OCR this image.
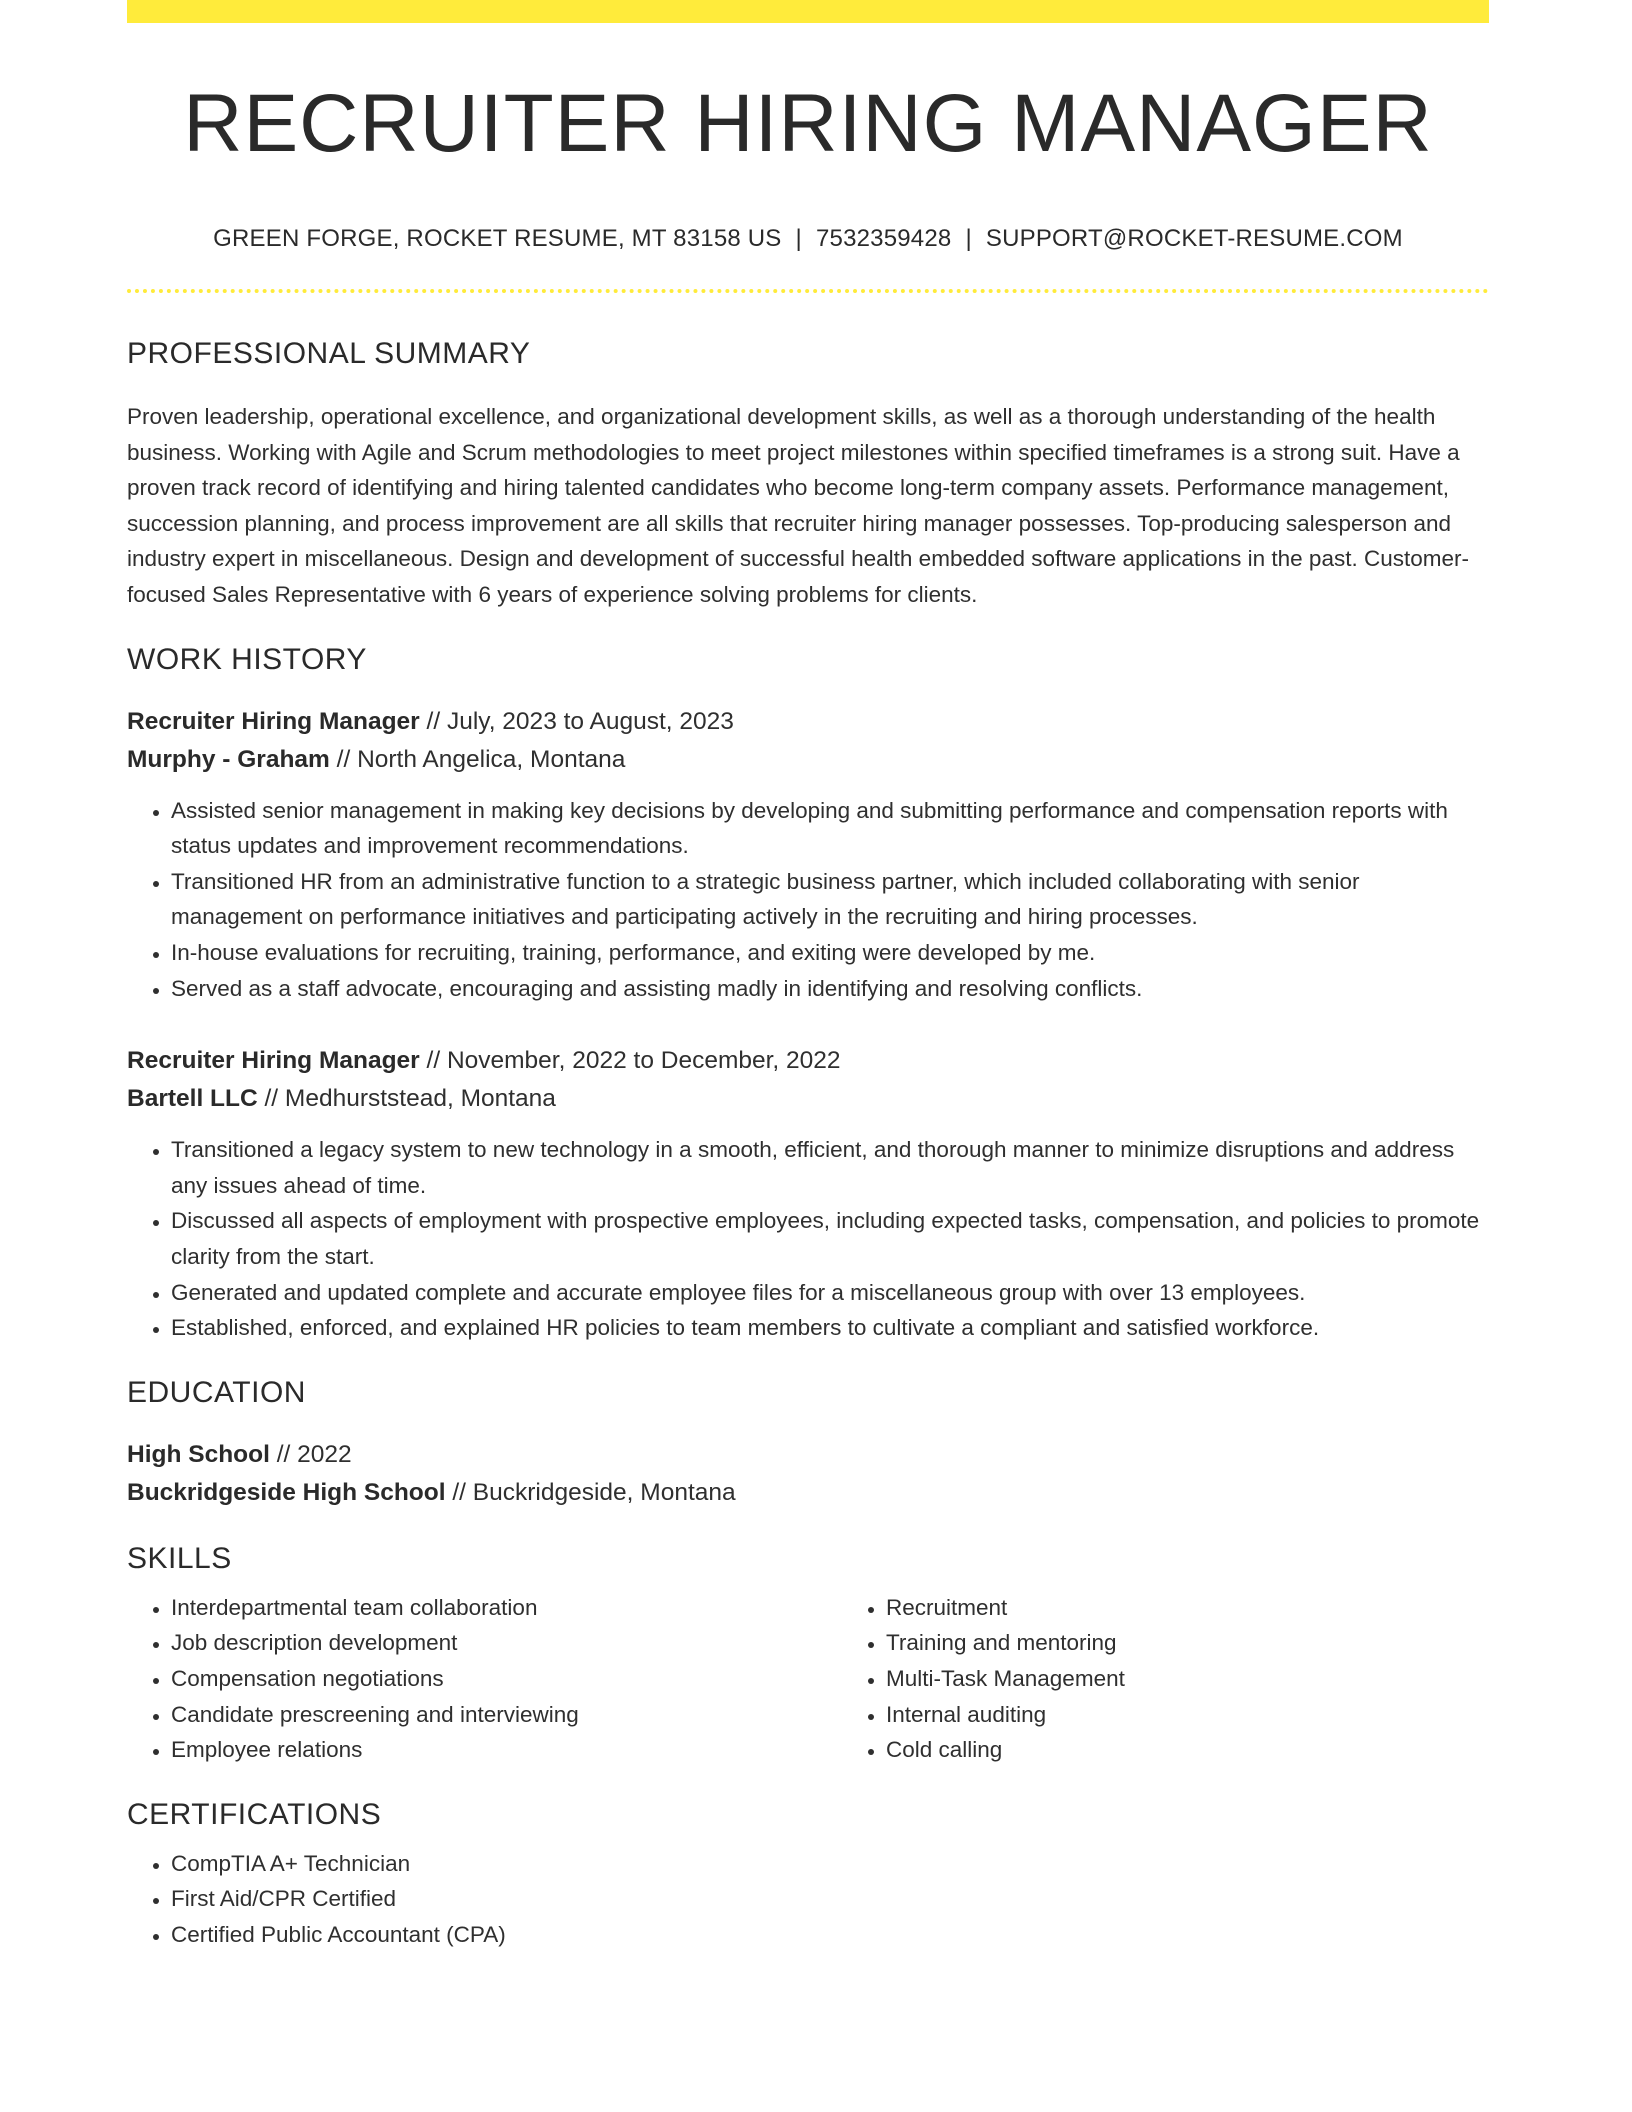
RECRUITER HIRING MANAGER
GREEN FORGE, ROCKET RESUME, MT 83158 US | 7532359428 | SUPPORT@ROCKET-RESUME.COM
PROFESSIONAL SUMMARY

Proven leadership, operational excellence, and organizational development skills, as well as a thorough understanding of the health business. Working with Agile and Scrum methodologies to meet project milestones within specified timeframes is a strong suit. Have a proven track record of identifying and hiring talented candidates who become long-term company assets. Performance management, succession planning, and process improvement are all skills that recruiter hiring manager possesses. Top-producing salesperson and industry expert in miscellaneous. Design and development of successful health embedded software applications in the past. Customer-focused Sales Representative with 6 years of experience solving problems for clients.

WORK HISTORY
Recruiter Hiring Manager // July, 2023 to August, 2023
Murphy - Graham // North Angelica, Montana
• Assisted senior management in making key decisions by developing and submitting performance and compensation reports with status updates and improvement recommendations.
• Transitioned HR from an administrative function to a strategic business partner, which included collaborating with senior management on performance initiatives and participating actively in the recruiting and hiring processes.
• In-house evaluations for recruiting, training, performance, and exiting were developed by me.
• Served as a staff advocate, encouraging and assisting madly in identifying and resolving conflicts.
Recruiter Hiring Manager // November, 2022 to December, 2022
Bartell LLC // Medhurststead, Montana
• Transitioned a legacy system to new technology in a smooth, efficient, and thorough manner to minimize disruptions and address any issues ahead of time.
• Discussed all aspects of employment with prospective employees, including expected tasks, compensation, and policies to promote clarity from the start.
• Generated and updated complete and accurate employee files for a miscellaneous group with over 13 employees.
• Established, enforced, and explained HR policies to team members to cultivate a compliant and satisfied workforce.
EDUCATION
High School // 2022
Buckridgeside High School // Buckridgeside, Montana
SKILLS
• Interdepartmental team collaboration
• Job description development
• Compensation negotiations
• Candidate prescreening and interviewing
• Employee relations
• Recruitment
• Training and mentoring
• Multi-Task Management
• Internal auditing
• Cold calling
CERTIFICATIONS
• CompTIA A+ Technician
• First Aid/CPR Certified
• Certified Public Accountant (CPA)
